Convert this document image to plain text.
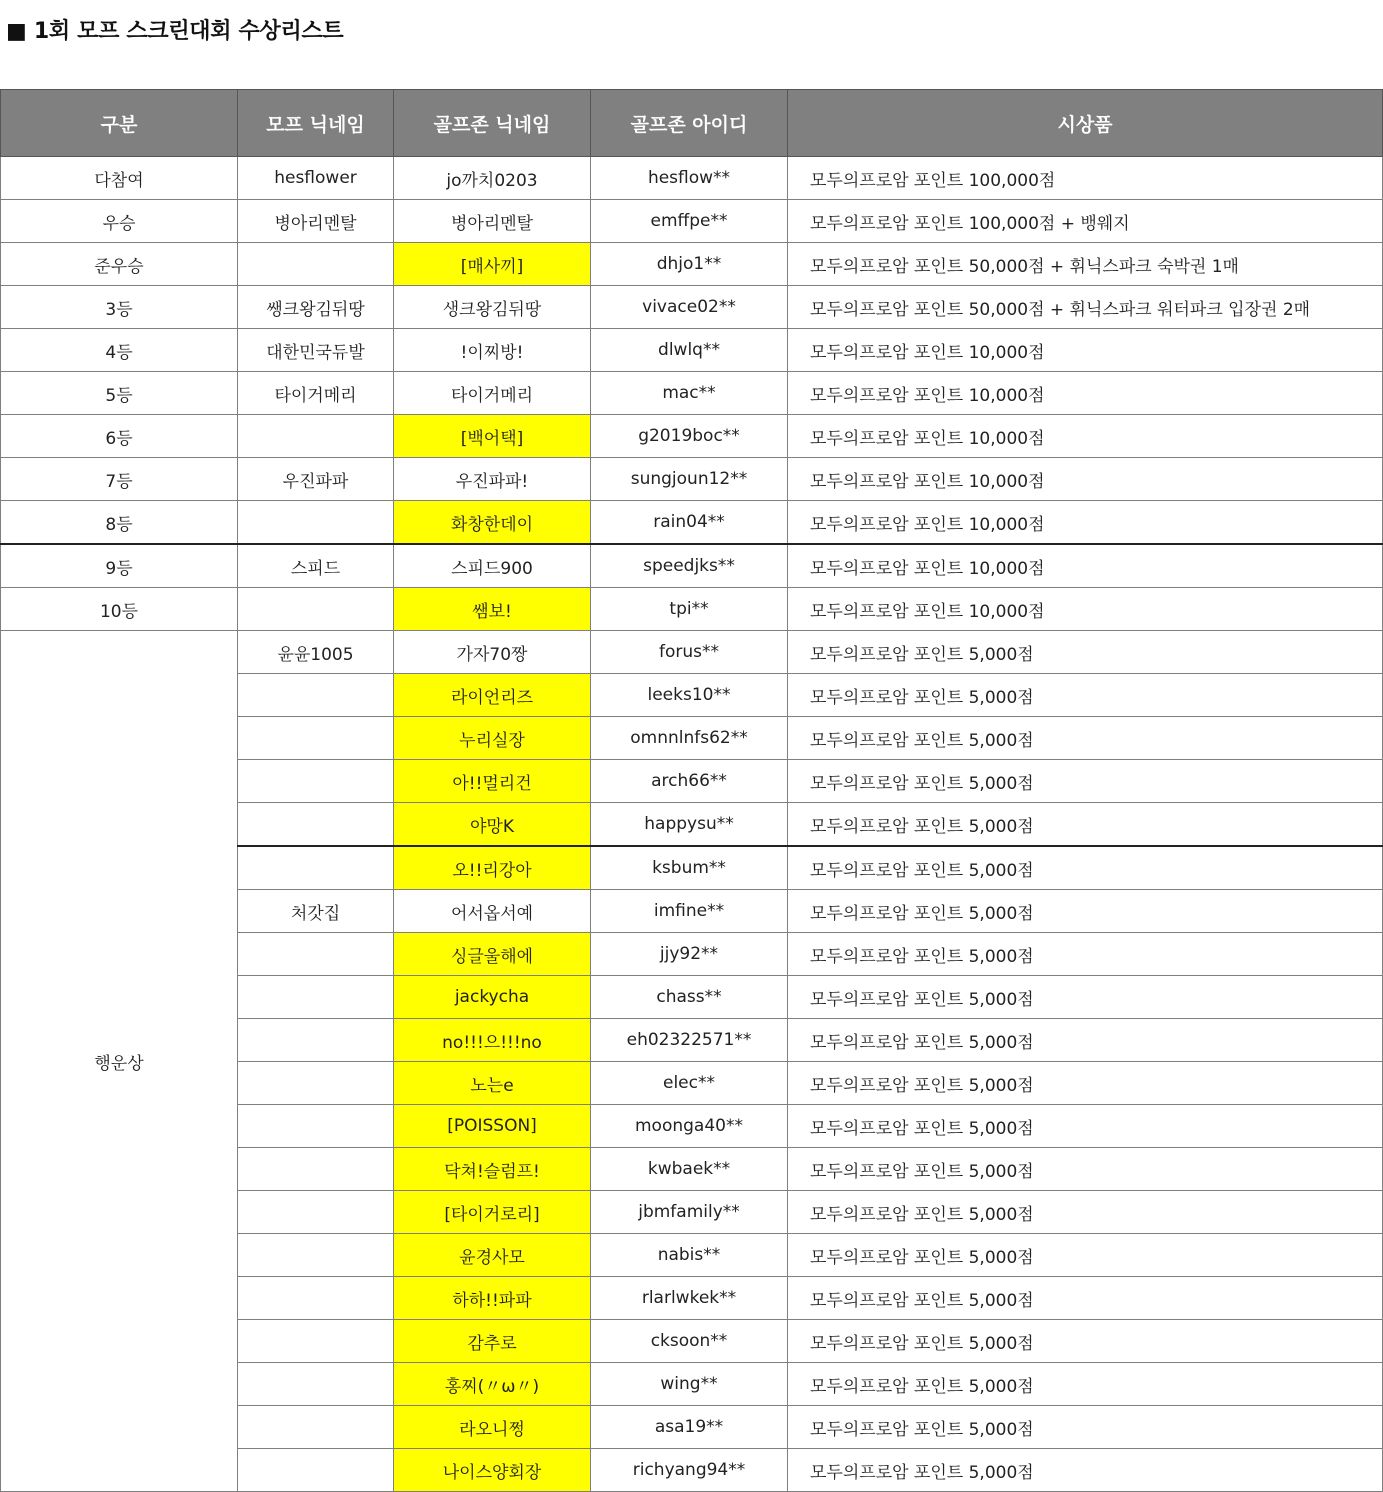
■ 1회 모프 스크린대회 수상리스트
구분	모프 닉네임	골프존 닉네임	골프존 아이디	시상품
다참여	hesflower	jo까치0203	hesflow**	모두의프로암 포인트 100,000점
우승	병아리멘탈	병아리멘탈	emffpe**	모두의프로암 포인트 100,000점 + 뱅웨지
준우승		[매사끼]	dhjo1**	모두의프로암 포인트 50,000점 + 휘닉스파크 숙박권 1매
3등	쌩크왕김뒤땅	생크왕김뒤땅	vivace02**	모두의프로암 포인트 50,000점 + 휘닉스파크 워터파크 입장권 2매
4등	대한민국듀발	!이찌방!	dlwlq**	모두의프로암 포인트 10,000점
5등	타이거메리	타이거메리	mac**	모두의프로암 포인트 10,000점
6등		[백어택]	g2019boc**	모두의프로암 포인트 10,000점
7등	우진파파	우진파파!	sungjoun12**	모두의프로암 포인트 10,000점
8등		화창한데이	rain04**	모두의프로암 포인트 10,000점
9등	스피드	스피드900	speedjks**	모두의프로암 포인트 10,000점
10등		쌤보!	tpi**	모두의프로암 포인트 10,000점
행운상	윤윤1005	가자70짱	forus**	모두의프로암 포인트 5,000점
		라이언리즈	leeks10**	모두의프로암 포인트 5,000점
		누리실장	omnnlnfs62**	모두의프로암 포인트 5,000점
		아!!멀리건	arch66**	모두의프로암 포인트 5,000점
		야망K	happysu**	모두의프로암 포인트 5,000점
		오!!리강아	ksbum**	모두의프로암 포인트 5,000점
	처갓집	어서옵서예	imfine**	모두의프로암 포인트 5,000점
		싱글울해에	jjy92**	모두의프로암 포인트 5,000점
		jackycha	chass**	모두의프로암 포인트 5,000점
		no!!!으!!!no	eh02322571**	모두의프로암 포인트 5,000점
		노는e	elec**	모두의프로암 포인트 5,000점
		[POISSON]	moonga40**	모두의프로암 포인트 5,000점
		닥쳐!슬럼프!	kwbaek**	모두의프로암 포인트 5,000점
		[타이거로리]	jbmfamily**	모두의프로암 포인트 5,000점
		윤경사모	nabis**	모두의프로암 포인트 5,000점
		하하!!파파	rlarlwkek**	모두의프로암 포인트 5,000점
		감추로	cksoon**	모두의프로암 포인트 5,000점
		홍찌(〃ω〃)	wing**	모두의프로암 포인트 5,000점
		라오니쩡	asa19**	모두의프로암 포인트 5,000점
		나이스양회장	richyang94**	모두의프로암 포인트 5,000점
